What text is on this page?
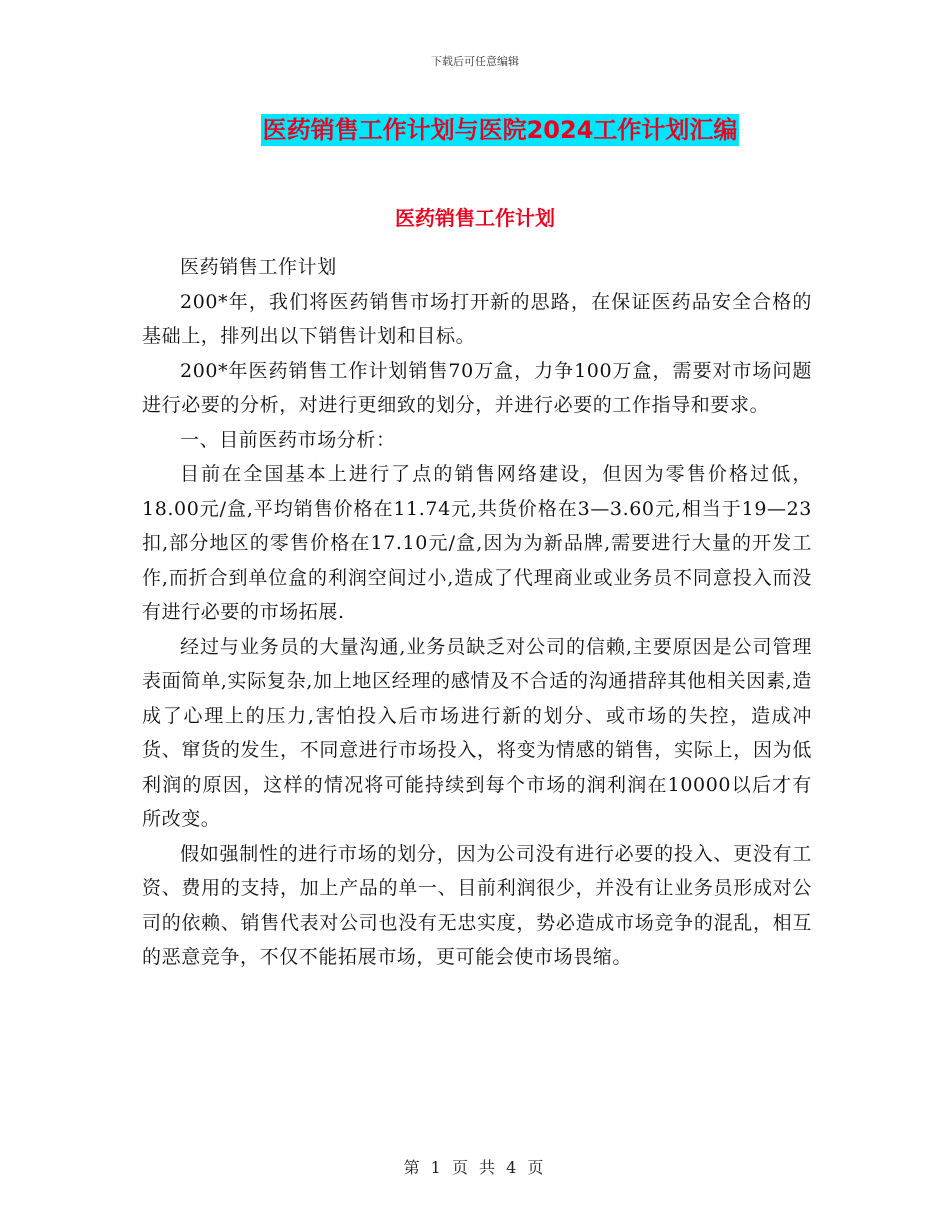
下载后可任意编辑
医药销售工作计划与医院2024工作计划汇编
医药销售工作计划

医药销售工作计划

200*年，我们将医药销售市场打开新的思路，在保证医药品安全合格的基础上，排列出以下销售计划和目标。

200*年医药销售工作计划销售70万盒，力争100万盒，需要对市场问题进行必要的分析，对进行更细致的划分，并进行必要的工作指导和要求。

一、目前医药市场分析：

目前在全国基本上进行了点的销售网络建设，但因为零售价格过低，18.00元/盒,平均销售价格在11.74元,共货价格在3—3.60元,相当于19—23扣,部分地区的零售价格在17.10元/盒,因为为新品牌,需要进行大量的开发工作,而折合到单位盒的利润空间过小,造成了代理商业或业务员不同意投入而没有进行必要的市场拓展.

经过与业务员的大量沟通,业务员缺乏对公司的信赖,主要原因是公司管理表面简单,实际复杂,加上地区经理的感情及不合适的沟通措辞其他相关因素,造成了心理上的压力,害怕投入后市场进行新的划分、或市场的失控，造成冲货、窜货的发生，不同意进行市场投入，将变为情感的销售，实际上，因为低利润的原因，这样的情况将可能持续到每个市场的润利润在10000以后才有所改变。

假如强制性的进行市场的划分，因为公司没有进行必要的投入、更没有工资、费用的支持，加上产品的单一、目前利润很少，并没有让业务员形成对公司的依赖、销售代表对公司也没有无忠实度，势必造成市场竞争的混乱，相互的恶意竞争，不仅不能拓展市场，更可能会使市场畏缩。

第 1 页 共 4 页
